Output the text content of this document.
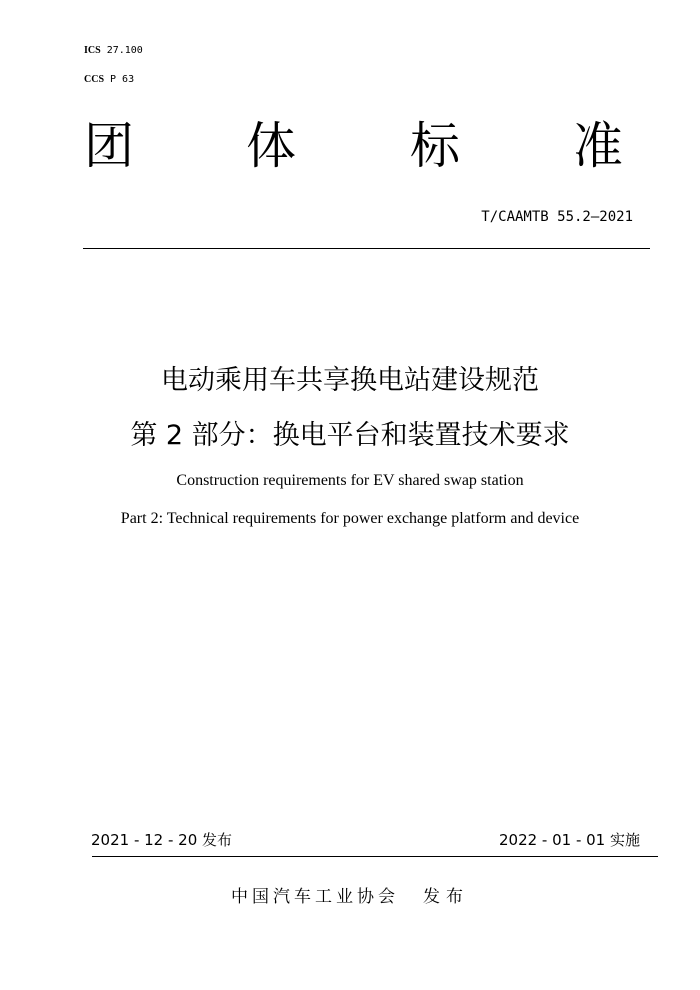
ICS 27.100
CCS P 63
团 体 标 准
T/CAAMTB 55.2—2021
电动乘用车共享换电站建设规范
第 2 部分：换电平台和装置技术要求
Construction requirements for EV shared swap station
Part 2: Technical requirements for power exchange platform and device
2021 - 12 - 20 发布	2022 - 01 - 01 实施
中国汽车工业协会 发布
